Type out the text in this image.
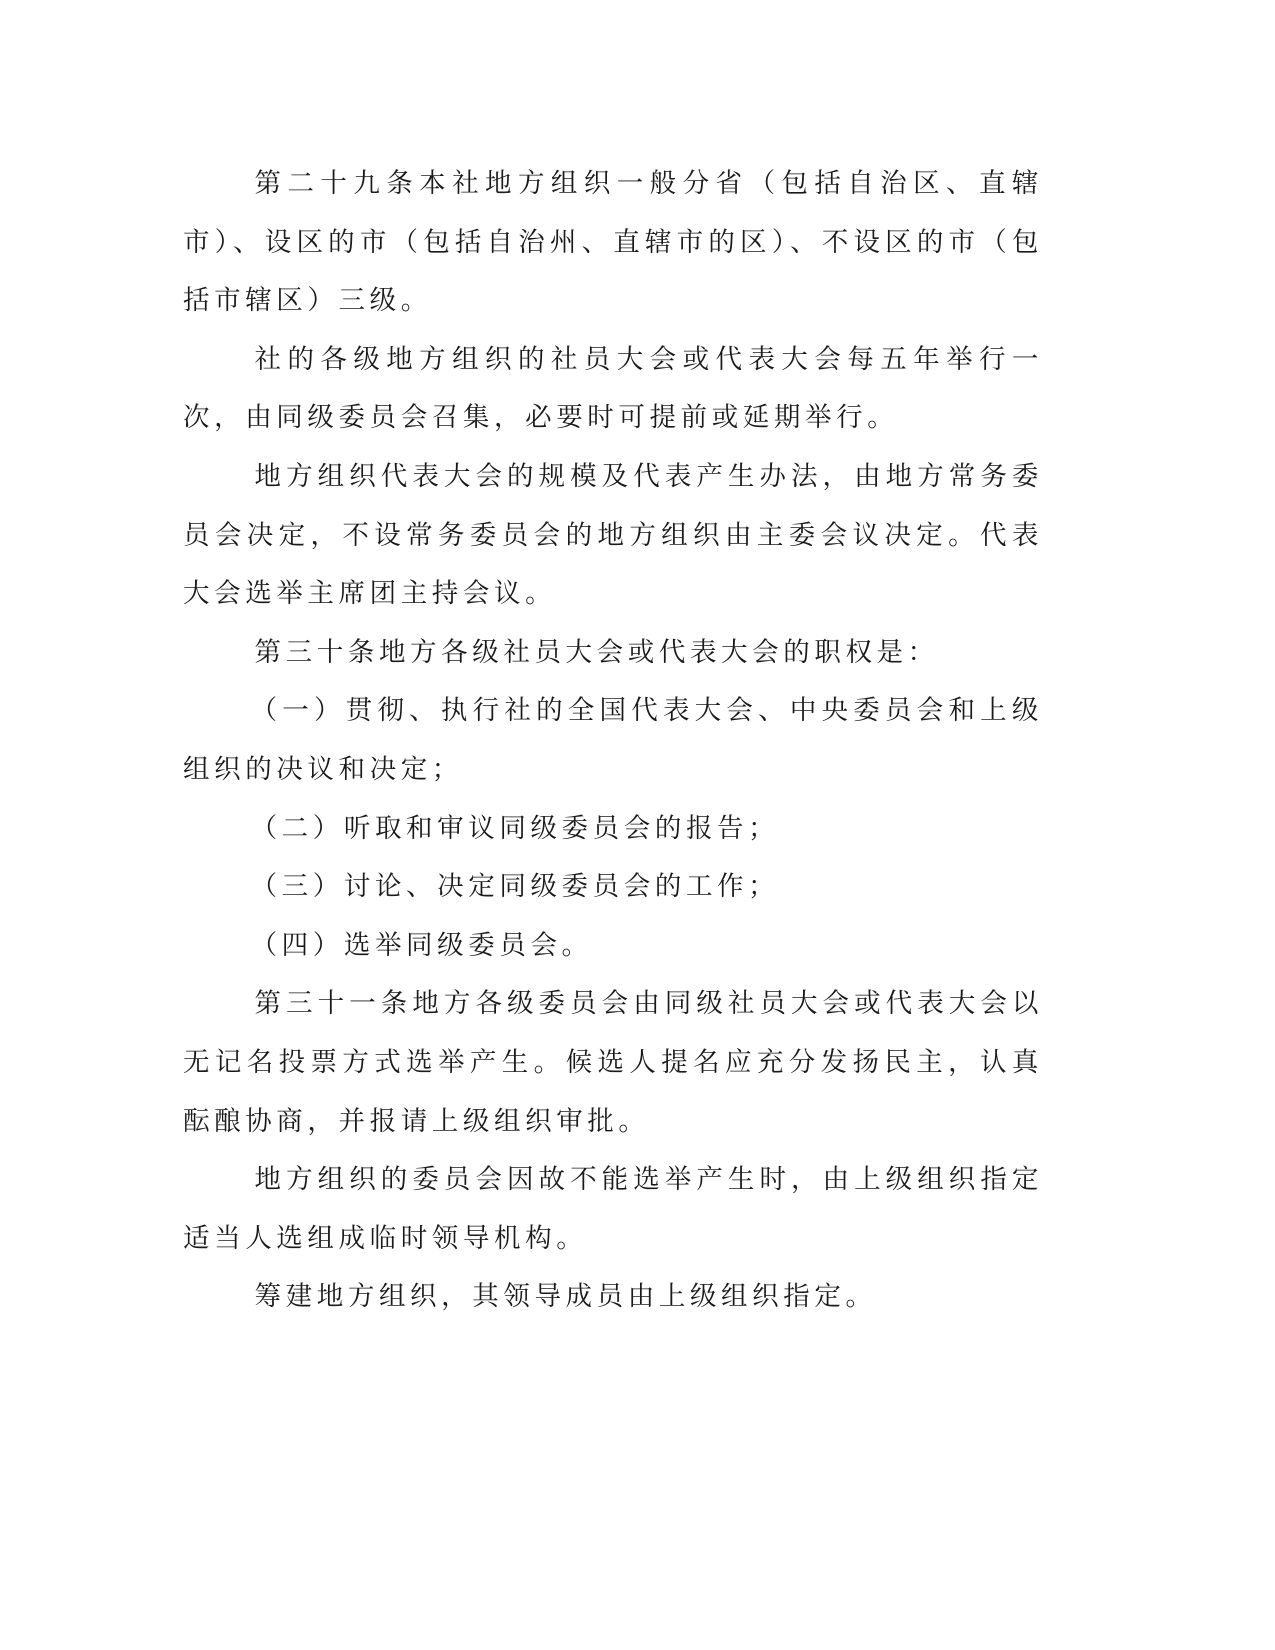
第二十九条本社地方组织一般分省（包括自治区、直辖市）、设区的市（包括自治州、直辖市的区）、不设区的市（包括市辖区）三级。

社的各级地方组织的社员大会或代表大会每五年举行一次，由同级委员会召集，必要时可提前或延期举行。

地方组织代表大会的规模及代表产生办法，由地方常务委员会决定，不设常务委员会的地方组织由主委会议决定。代表大会选举主席团主持会议。

第三十条地方各级社员大会或代表大会的职权是：

（一）贯彻、执行社的全国代表大会、中央委员会和上级组织的决议和决定；

（二）听取和审议同级委员会的报告；

（三）讨论、决定同级委员会的工作；

（四）选举同级委员会。

第三十一条地方各级委员会由同级社员大会或代表大会以无记名投票方式选举产生。候选人提名应充分发扬民主，认真酝酿协商，并报请上级组织审批。

地方组织的委员会因故不能选举产生时，由上级组织指定适当人选组成临时领导机构。

筹建地方组织，其领导成员由上级组织指定。
